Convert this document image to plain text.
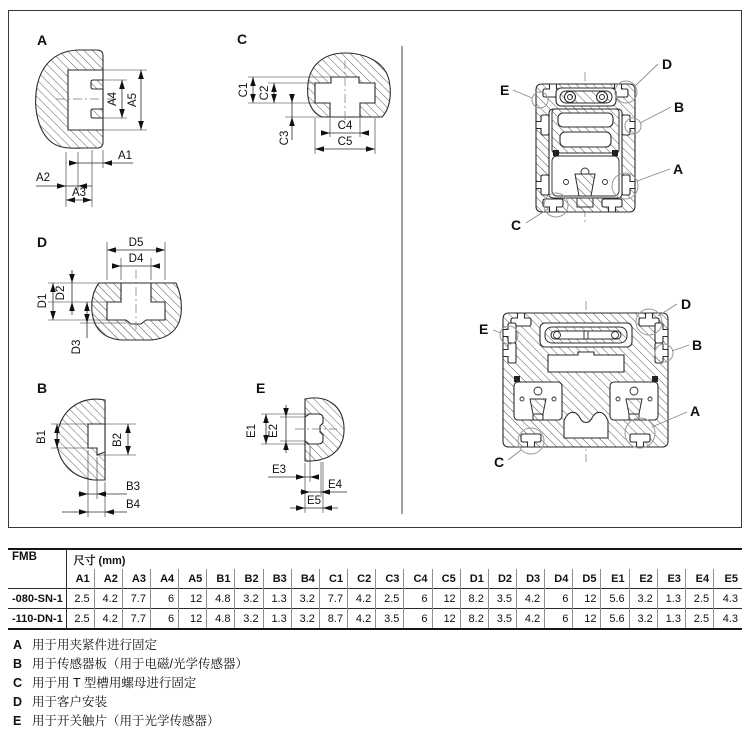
A
A4 A5
A1
A2
A3
C
C1 C2
C3
C4
C5
D
D4
D5
D1
D2
D3
B
B1	B2
B3
B4
E
E1 E2
E3
E4
E5
D
E
B
A
C
D
E
B
A
C
FMB	尺寸 (mm)																							
	A1	A2	A3	A4	A5	B1	B2	B3	B4	C1	C2	C3	C4	C5	D1	D2	D3	D4	D5	E1	E2	E3	E4	E5
-080-SN-1	2.5	4.2	7.7	6	12	4.8	3.2	1.3	3.2	7.7	4.2	2.5	6	12	8.2	3.5	4.2	6	12	5.6	3.2	1.3	2.5	4.3
-110-DN-1	2.5	4.2	7.7	6	12	4.8	3.2	1.3	3.2	8.7	4.2	3.5	6	12	8.2	3.5	4.2	6	12	5.6	3.2	1.3	2.5	4.3
A 用于用夹紧件进行固定
B 用于传感器板（用于电磁/光学传感器）
C 用于用 T 型槽用螺母进行固定
D 用于客户安装
E 用于开关触片（用于光学传感器）
